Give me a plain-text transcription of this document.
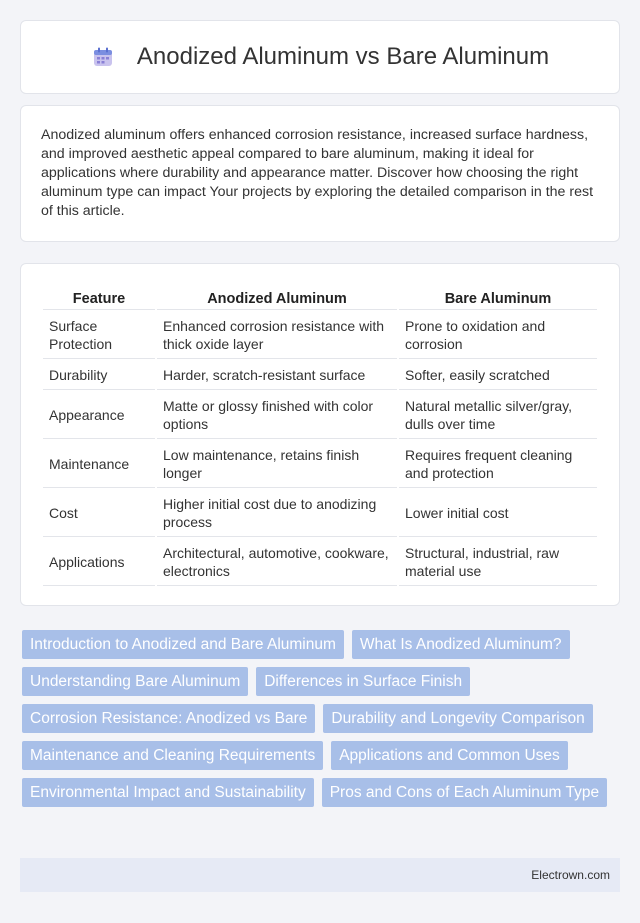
Anodized Aluminum vs Bare Aluminum

Anodized aluminum offers enhanced corrosion resistance, increased surface hardness, and improved aesthetic appeal compared to bare aluminum, making it ideal for applications where durability and appearance matter. Discover how choosing the right aluminum type can impact Your projects by exploring the detailed comparison in the rest of this article.

Feature	Anodized Aluminum	Bare Aluminum
Surface Protection	Enhanced corrosion resistance with thick oxide layer	Prone to oxidation and corrosion
Durability	Harder, scratch-resistant surface	Softer, easily scratched
Appearance	Matte or glossy finished with color options	Natural metallic silver/gray, dulls over time
Maintenance	Low maintenance, retains finish longer	Requires frequent cleaning and protection
Cost	Higher initial cost due to anodizing process	Lower initial cost
Applications	Architectural, automotive, cookware, electronics	Structural, industrial, raw material use
Introduction to Anodized and Bare Aluminum	What Is Anodized Aluminum?
Understanding Bare Aluminum	Differences in Surface Finish
Corrosion Resistance: Anodized vs Bare	Durability and Longevity Comparison
Maintenance and Cleaning Requirements	Applications and Common Uses
Environmental Impact and Sustainability	Pros and Cons of Each Aluminum Type
Electrown.com
